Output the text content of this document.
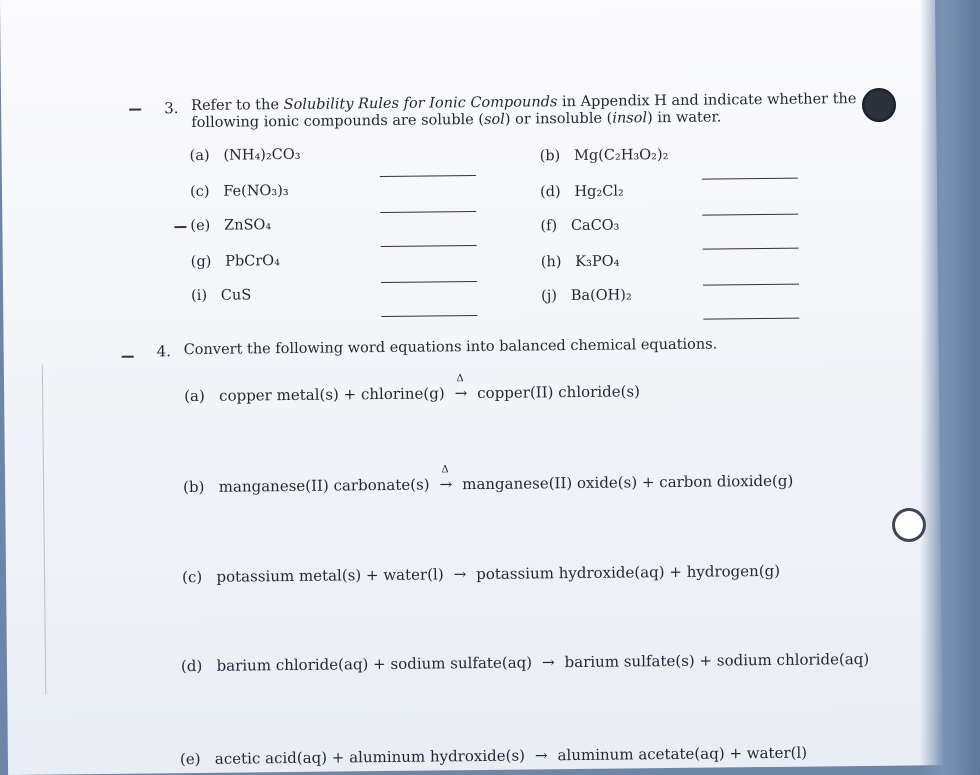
3. Refer to the Solubility Rules for Ionic Compounds in Appendix H and indicate whether the
following ionic compounds are soluble (sol) or insoluble (insol) in water.
(a) (NH₄)₂CO₃
(c) Fe(NO₃)₃
(e) ZnSO₄
(g) PbCrO₄
(i) CuS
(b) Mg(C₂H₃O₂)₂
(d) Hg₂Cl₂
(f) CaCO₃
(h) K₃PO₄
(j) Ba(OH)₂
4. Convert the following word equations into balanced chemical equations.
(a) copper metal(s) + chlorine(g)
Δ
→ copper(II) chloride(s)
(b) manganese(II) carbonate(s)
Δ
→ manganese(II) oxide(s) + carbon dioxide(g)
(c) potassium metal(s) + water(l) → potassium hydroxide(aq) + hydrogen(g)
(d) barium chloride(aq) + sodium sulfate(aq) → barium sulfate(s) + sodium chloride(aq)
(e) acetic acid(aq) + aluminum hydroxide(s) → aluminum acetate(aq) + water(l)
